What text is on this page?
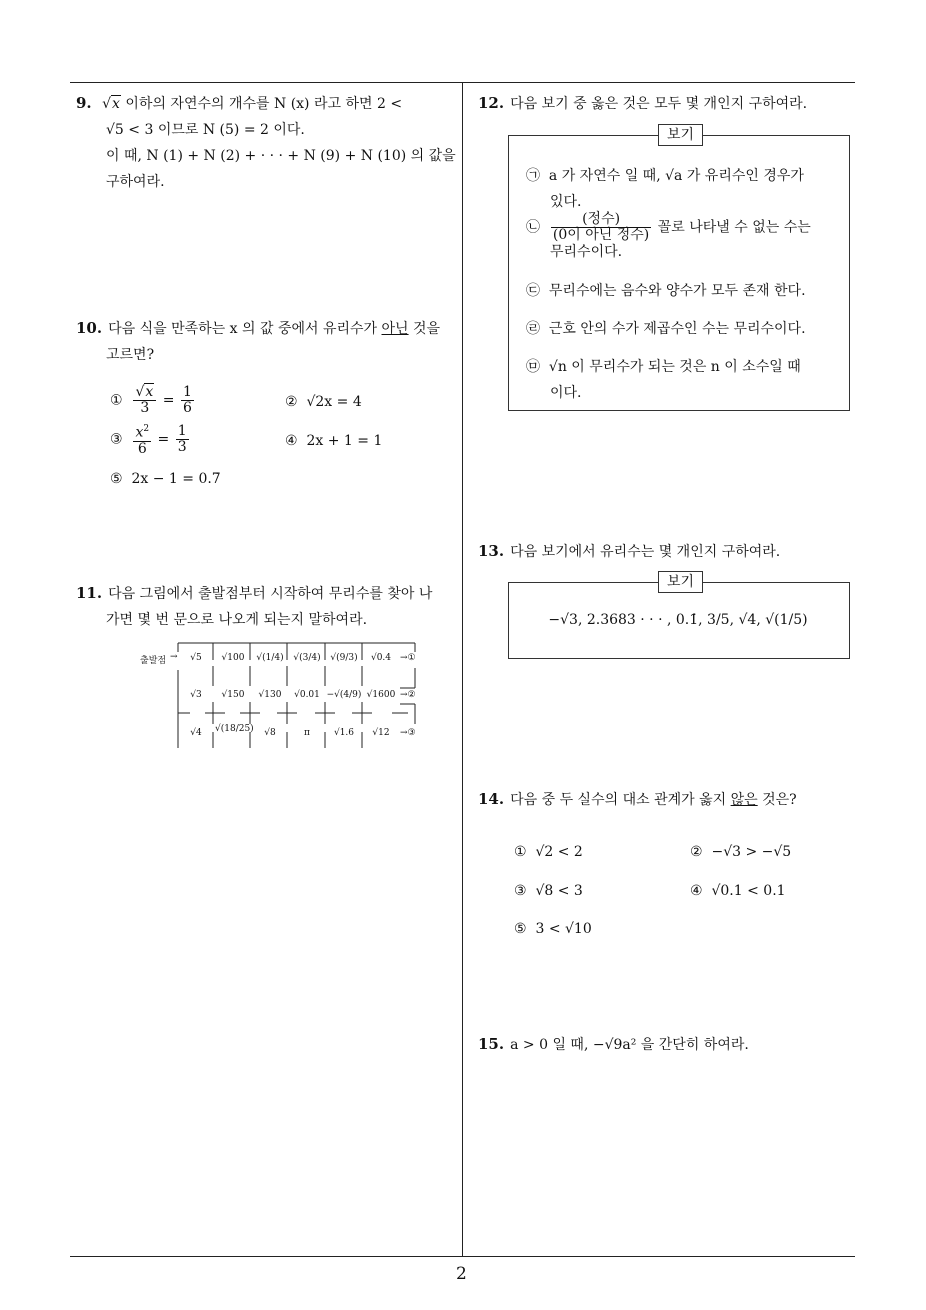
9. √x 이하의 자연수의 개수를 N (x) 라고 하면 2 <
√5 < 3 이므로 N (5) = 2 이다.
이 때, N (1) + N (2) + · · · + N (9) + N (10) 의 값을
구하여라.
10. 다음 식을 만족하는 x 의 값 중에서 유리수가 아닌 것을
고르면?
① $\frac{√x}{3} = \frac{1}{6}$	② √2x = 4
③ $\frac{x^2}{6} = \frac{1}{3}$	④ 2x + 1 = 1
⑤ 2x − 1 = 0.7̇
11. 다음 그림에서 출발점부터 시작하여 무리수를 찾아 나
가면 몇 번 문으로 나오게 되는지 말하여라.
출발점 →	√5	√100	√(1/4)	√(3/4)	√(9/3)	√0.4 →①
√3	√150	√130	√0.01 −√(4/9) √1600 →②
√4	√(18/25)	√8	π	√1.6	√12	→③
12. 다음 보기 중 옳은 것은 모두 몇 개인지 구하여라.
보기
㉠ a 가 자연수 일 때, √a 가 유리수인 경우가
있다.
㉡ $\frac{\text{(정수)}}{\text{(0이 아닌 정수)}}$ 꼴로 나타낼 수 없는 수는
무리수이다.
㉢ 무리수에는 음수와 양수가 모두 존재 한다.
㉣ 근호 안의 수가 제곱수인 수는 무리수이다.
㉤ √n 이 무리수가 되는 것은 n 이 소수일 때
이다.
13. 다음 보기에서 유리수는 몇 개인지 구하여라.
보기
−√3, 2.3683 · · · , 0.1̇, 3/5, √4, √(1/5)
14. 다음 중 두 실수의 대소 관계가 옳지 않은 것은?
① √2 < 2	② −√3 > −√5
③ √8 < 3	④ √0.1 < 0.1
⑤ 3 < √10
15. a > 0 일 때, −√9a² 을 간단히 하여라.
2
